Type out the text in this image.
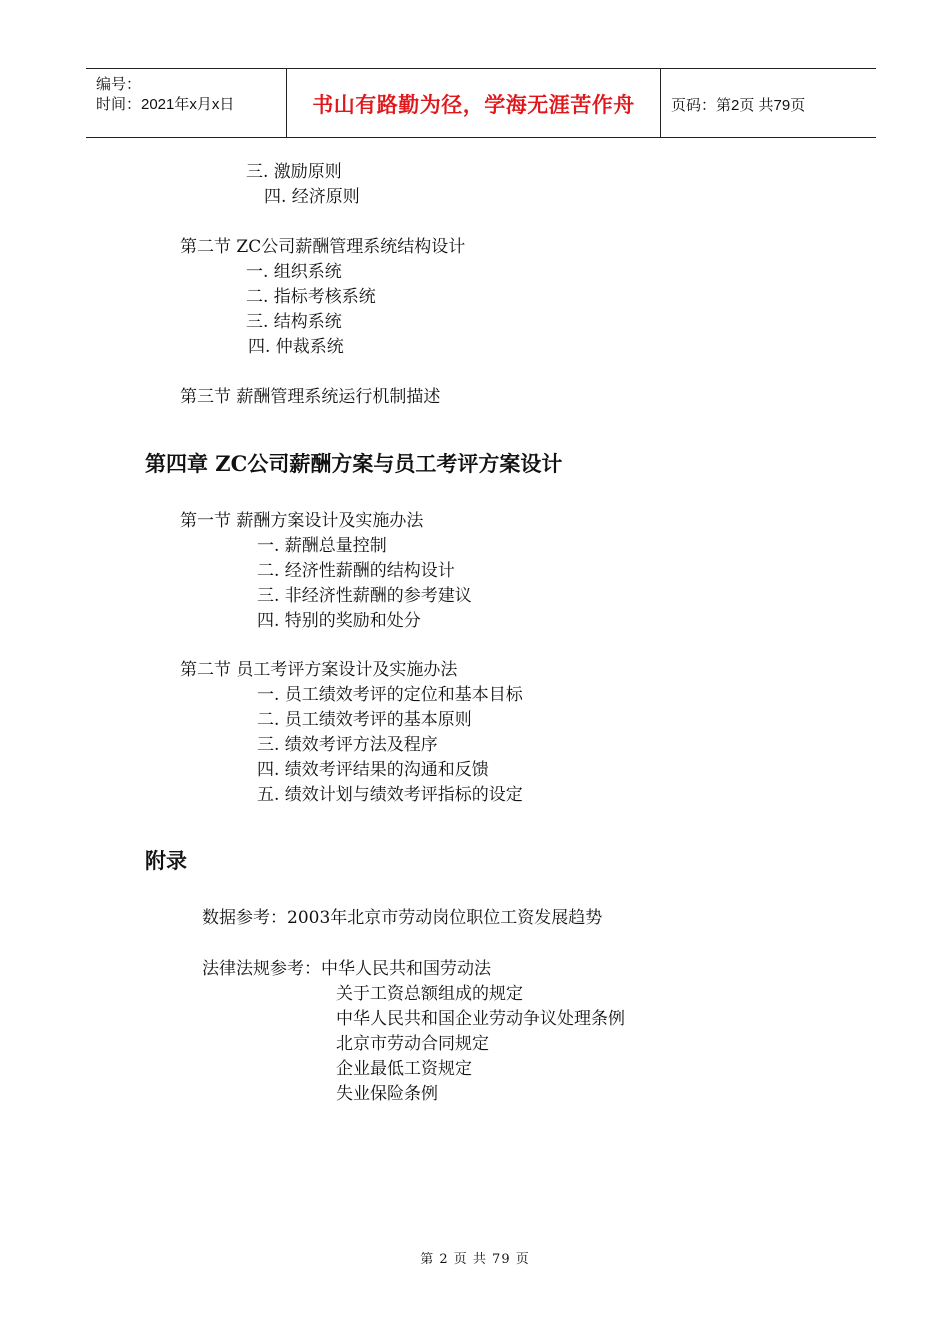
编号：
时间：2021年x月x日	书山有路勤为径，学海无涯苦作舟	页码：第2页 共79页
三. 激励原则
四. 经济原则
第二节 ZC公司薪酬管理系统结构设计
一. 组织系统
二. 指标考核系统
三. 结构系统
四. 仲裁系统
第三节 薪酬管理系统运行机制描述
第四章 ZC公司薪酬方案与员工考评方案设计
第一节 薪酬方案设计及实施办法
一. 薪酬总量控制
二. 经济性薪酬的结构设计
三. 非经济性薪酬的参考建议
四. 特别的奖励和处分
第二节 员工考评方案设计及实施办法
一. 员工绩效考评的定位和基本目标
二. 员工绩效考评的基本原则
三. 绩效考评方法及程序
四. 绩效考评结果的沟通和反馈
五. 绩效计划与绩效考评指标的设定
附录
数据参考：2003年北京市劳动岗位职位工资发展趋势
法律法规参考：中华人民共和国劳动法
关于工资总额组成的规定
中华人民共和国企业劳动争议处理条例
北京市劳动合同规定
企业最低工资规定
失业保险条例
第 2 页 共 79 页
